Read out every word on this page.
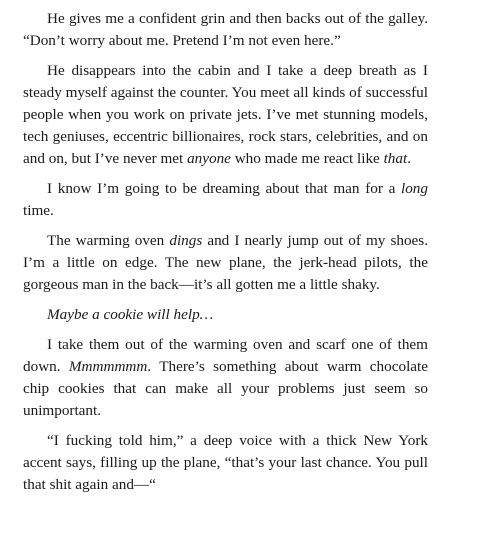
He gives me a confident grin and then backs out of the galley. “Don’t worry about me. Pretend I’m not even here.”

He disappears into the cabin and I take a deep breath as I steady myself against the counter. You meet all kinds of successful people when you work on private jets. I’ve met stunning models, tech geniuses, eccentric billionaires, rock stars, celebrities, and on and on, but I’ve never met anyone who made me react like that.

I know I’m going to be dreaming about that man for a long time.

The warming oven dings and I nearly jump out of my shoes. I’m a little on edge. The new plane, the jerk-head pilots, the gorgeous man in the back—it’s all gotten me a little shaky.

Maybe a cookie will help…

I take them out of the warming oven and scarf one of them down. Mmmmmmm. There’s something about warm chocolate chip cookies that can make all your problems just seem so unimportant.

“I fucking told him,” a deep voice with a thick New York accent says, filling up the plane, “that’s your last chance. You pull that shit again and—“
